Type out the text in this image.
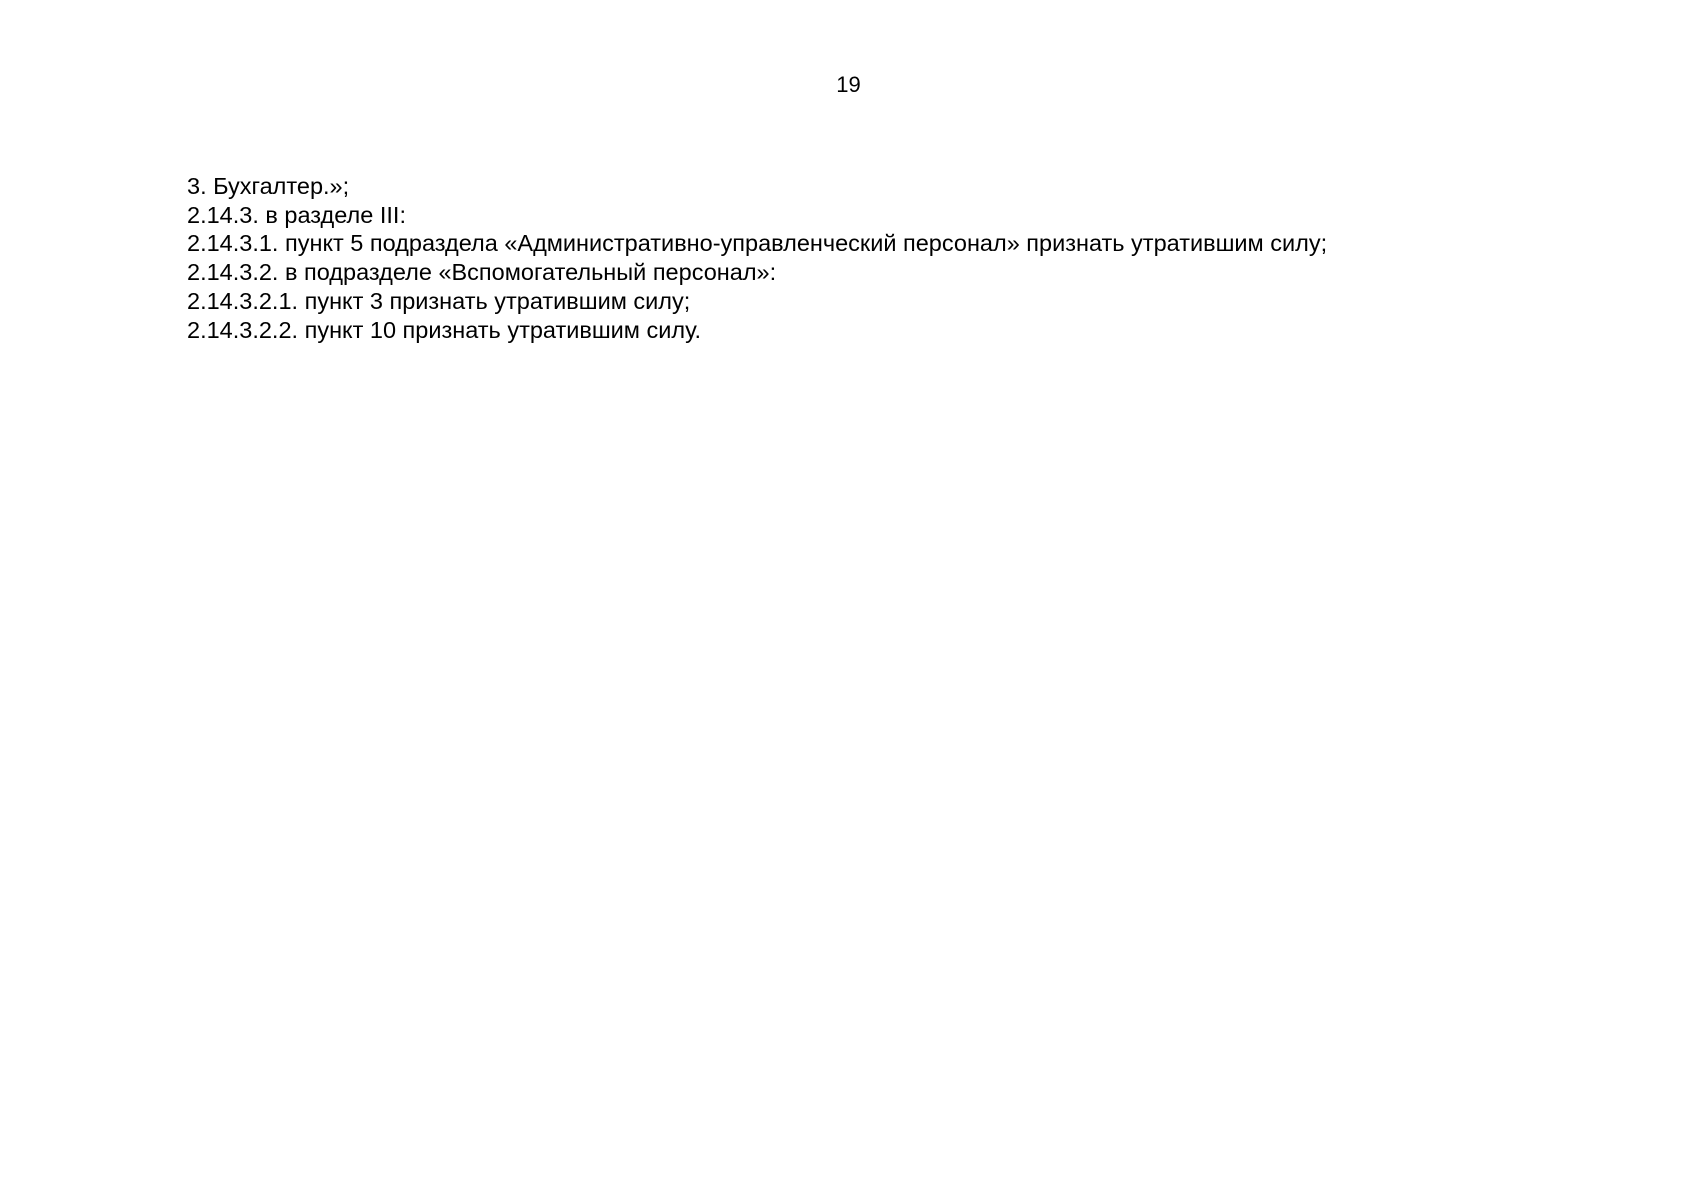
19
3. Бухгалтер.»;
2.14.3. в разделе III:
2.14.3.1. пункт 5 подраздела «Административно-управленческий персонал» признать утратившим силу;
2.14.3.2. в подразделе «Вспомогательный персонал»:
2.14.3.2.1. пункт 3 признать утратившим силу;
2.14.3.2.2. пункт 10 признать утратившим силу.
